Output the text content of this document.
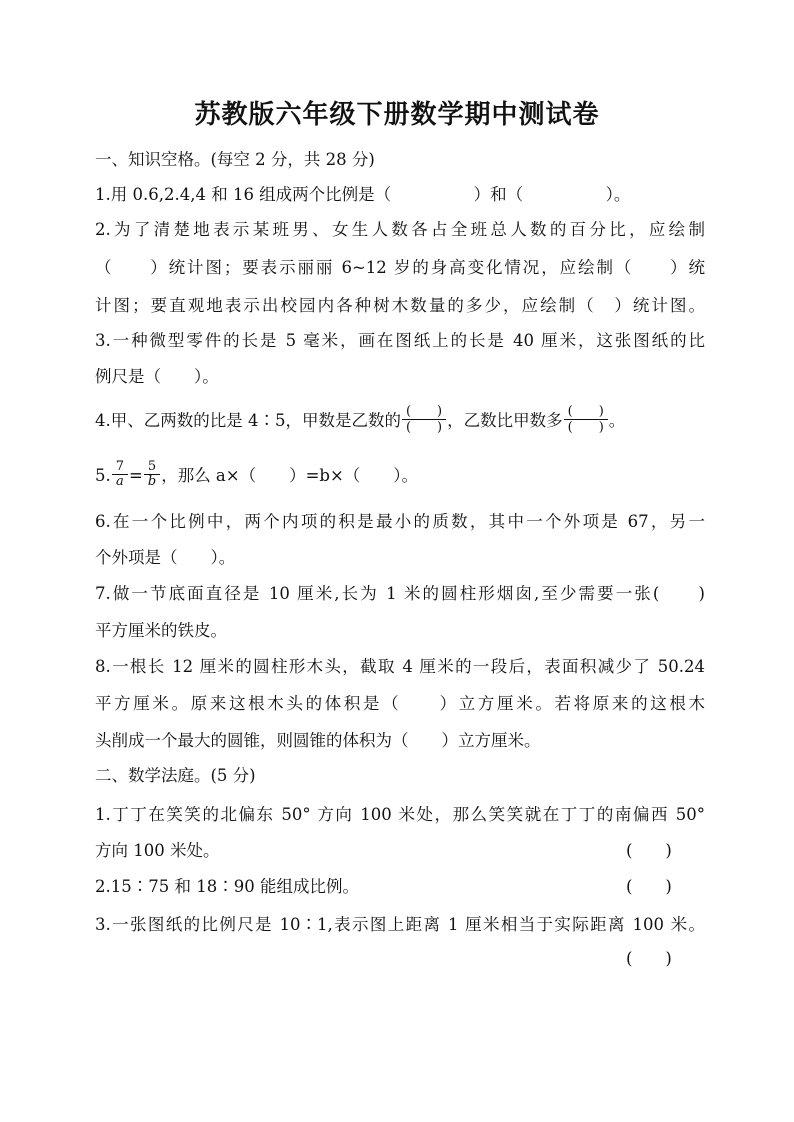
苏教版六年级下册数学期中测试卷
一、知识空格。(每空 2 分，共 28 分)
1.用 0.6,2.4,4 和 16 组成两个比例是（　　　　　）和（　　　　　）。
2.为了清楚地表示某班男、女生人数各占全班总人数的百分比，应绘制
（　　）统计图；要表示丽丽 6~12 岁的身高变化情况，应绘制（　　）统
计图；要直观地表示出校园内各种树木数量的多少，应绘制（　）统计图。
3.一种微型零件的长是 5 毫米，画在图纸上的长是 40 厘米，这张图纸的比
例尺是（　　）。
4.甲、乙两数的比是 4∶5，甲数是乙数的 $\frac{( )}{( )}$ ，乙数比甲数多 $\frac{( )}{( )}$ 。
5. $\frac{7}{a} = \frac{5}{b}$ ，那么 a×（　　）=b×（　　）。
6.在一个比例中，两个内项的积是最小的质数，其中一个外项是 67，另一
个外项是（　　）。
7.做一节底面直径是 10 厘米,长为 1 米的圆柱形烟囱,至少需要一张(　　)
平方厘米的铁皮。
8.一根长 12 厘米的圆柱形木头，截取 4 厘米的一段后，表面积减少了 50.24
平方厘米。原来这根木头的体积是（　　）立方厘米。若将原来的这根木
头削成一个最大的圆锥，则圆锥的体积为（　　）立方厘米。
二、数学法庭。(5 分)
1.丁丁在笑笑的北偏东 50° 方向 100 米处，那么笑笑就在丁丁的南偏西 50°
方向 100 米处。	(　　)
2.15∶75 和 18∶90 能组成比例。	(　　)
3.一张图纸的比例尺是 10∶1,表示图上距离 1 厘米相当于实际距离 100 米。
(　　)
